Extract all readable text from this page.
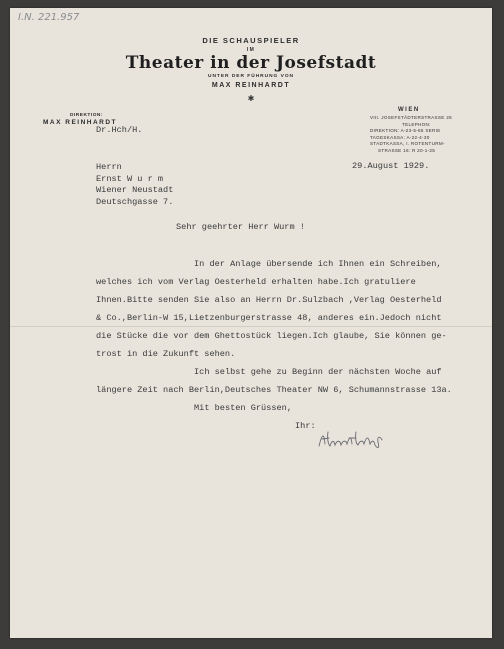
I.N. 221.957
DIE SCHAUSPIELER
IM
Theater in der Josefstadt
UNTER DER FÜHRUNG VON
MAX REINHARDT
✱
DIREKTION:
MAX REINHARDT
WIEN
VIII. JOSEFSTÄDTERSTRASSE 26
TELEPHON:
DIREKTION: A-23-5-65 SERIE
TAGESKASSA: A-22-4-30
STADTKASSA, I. ROTENTURM-
STRASSE 16: R 20-1-25
Dr.Hch/H.
29.August 1929.
Herrn
Ernst W u r m
Wiener Neustadt
Deutschgasse 7.
Sehr geehrter Herr Wurm !
In der Anlage übersende ich Ihnen ein Schreiben,
welches ich vom Verlag Oesterheld erhalten habe.Ich gratuliere
Ihnen.Bitte senden Sie also an Herrn Dr.Sulzbach ,Verlag Oesterheld
& Co.,Berlin-W 15,Lietzenburgerstrasse 48, anderes ein.Jedoch nicht
die Stücke die vor dem Ghettostück liegen.Ich glaube, Sie können ge-
trost in die Zukunft sehen.
Ich selbst gehe zu Beginn der nächsten Woche auf
längere Zeit nach Berlin,Deutsches Theater NW 6, Schumannstrasse 13a.
Mit besten Grüssen,
Ihr:
